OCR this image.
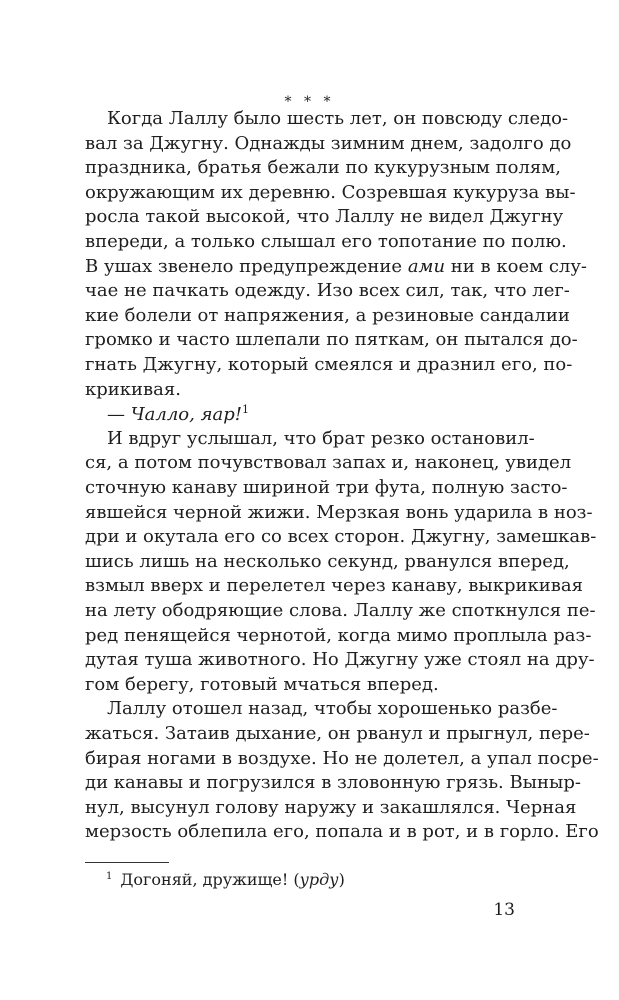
* * *
Когда Лаллу было шесть лет, он повсюду следо-
вал за Джугну. Однажды зимним днем, задолго до
праздника, братья бежали по кукурузным полям,
окружающим их деревню. Созревшая кукуруза вы-
росла такой высокой, что Лаллу не видел Джугну
впереди, а только слышал его топотание по полю.
В ушах звенело предупреждение ами ни в коем слу-
чае не пачкать одежду. Изо всех сил, так, что лег-
кие болели от напряжения, а резиновые сандалии
громко и часто шлепали по пяткам, он пытался до-
гнать Джугну, который смеялся и дразнил его, по-
крикивая.
— Чалло, яар!$^1$
И вдруг услышал, что брат резко остановил-
ся, а потом почувствовал запах и, наконец, увидел
сточную канаву шириной три фута, полную засто-
явшейся черной жижи. Мерзкая вонь ударила в ноз-
дри и окутала его со всех сторон. Джугну, замешкав-
шись лишь на несколько секунд, рванулся вперед,
взмыл вверх и перелетел через канаву, выкрикивая
на лету ободряющие слова. Лаллу же споткнулся пе-
ред пенящейся чернотой, когда мимо проплыла раз-
дутая туша животного. Но Джугну уже стоял на дру-
гом берегу, готовый мчаться вперед.
Лаллу отошел назад, чтобы хорошенько разбе-
жаться. Затаив дыхание, он рванул и прыгнул, пере-
бирая ногами в воздухе. Но не долетел, а упал посре-
ди канавы и погрузился в зловонную грязь. Выныр-
нул, высунул голову наружу и закашлялся. Черная
мерзость облепила его, попала и в рот, и в горло. Его
$^1$ Догоняй, дружище! (урду)
13
